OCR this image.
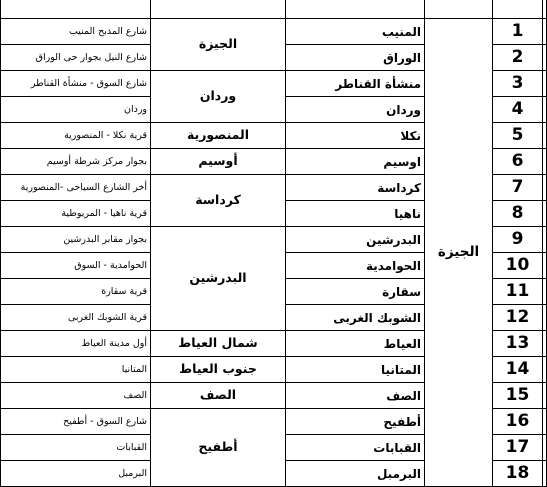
شارع المدبح المنيب	الجيزة	المنيب	الجيزة	1	
شارع النيل بجوار حى الوراق		الوراق		2	
شارع السوق - منشأة القناطر	وردان	منشأة القناطر		3	
وردان		وردان		4	
قرية نكلا - المنصورية	المنصورية	نكلا		5	
بجوار مركز شرطة أوسيم	أوسيم	اوسيم		6	
أخر الشارع السياحى -المنصورية	كرداسة	كرداسة		7	
قرية ناهيا - المريوطية		ناهيا		8	
بجوار مقابر البدرشين	البدرشين	البدرشين		9	
الحوامدية - السوق		الحوامدية		10	
قرية سقارة		سقارة		11	
قرية الشوبك الغربى		الشوبك الغربى		12	
أول مدينة العياط	شمال العياط	العياط		13	
المتانيا	جنوب العياط	المتانيا		14	
الصف	الصف	الصف		15	
شارع السوق - أطفيح	أطفيح	أطفيح		16	
القبابات		القبابات		17	
البرمبل		البرمبل		18	
